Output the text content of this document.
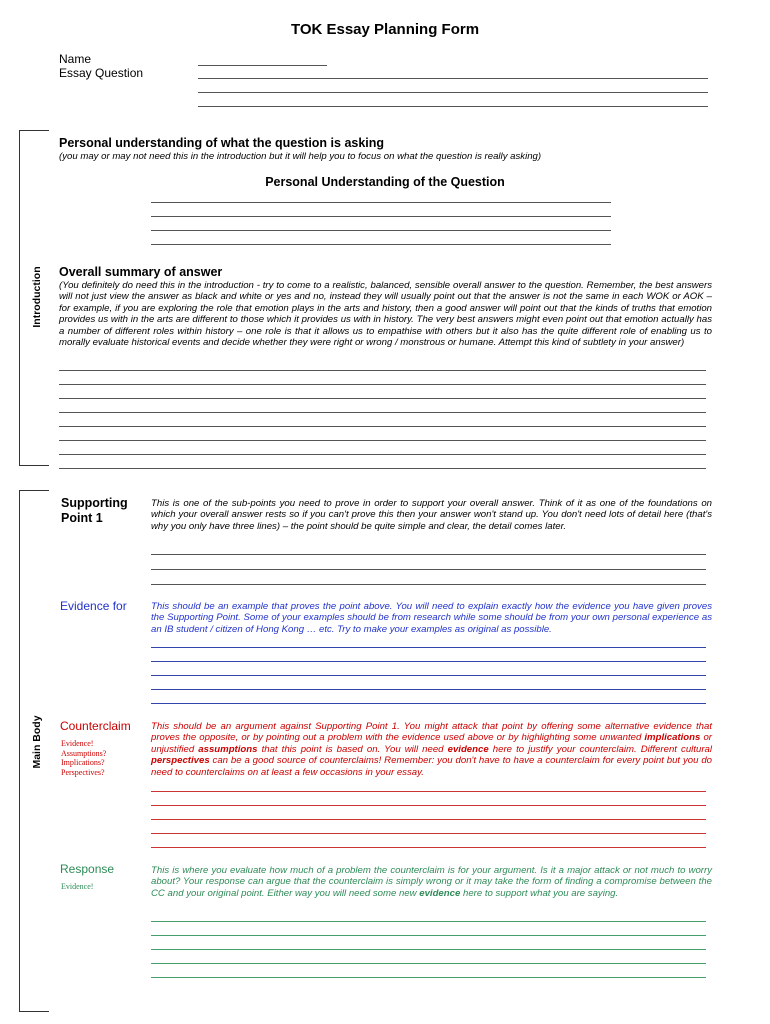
TOK Essay Planning Form
Name
Essay Question
Introduction
Personal understanding of what the question is asking
(you may or may not need this in the introduction but it will help you to focus on what the question is really asking)
Personal Understanding of the Question
Overall summary of answer
(You definitely do need this in the introduction - try to come to a realistic, balanced, sensible overall answer to the question. Remember, the best answers will not just view the answer as black and white or yes and no, instead they will usually point out that the answer is not the same in each WOK or AOK – for example, if you are exploring the role that emotion plays in the arts and history, then a good answer will point out that the kinds of truths that emotion provides us with in the arts are different to those which it provides us with in history. The very best answers might even point out that emotion actually has a number of different roles within history – one role is that it allows us to empathise with others but it also has the quite different role of enabling us to morally evaluate historical events and decide whether they were right or wrong / monstrous or humane. Attempt this kind of subtlety in your answer)
Main Body
Supporting Point 1
This is one of the sub-points you need to prove in order to support your overall answer. Think of it as one of the foundations on which your overall answer rests so if you can't prove this then your answer won't stand up. You don't need lots of detail here (that's why you only have three lines) – the point should be quite simple and clear, the detail comes later.
Evidence for	This should be an example that proves the point above. You will need to explain exactly how the evidence you have given proves the Supporting Point. Some of your examples should be from research while some should be from your own personal experience as an IB student / citizen of Hong Kong … etc. Try to make your examples as original as possible.
Counterclaim
Evidence!
Assumptions?
Implications?
Perspectives?
This should be an argument against Supporting Point 1. You might attack that point by offering some alternative evidence that proves the opposite, or by pointing out a problem with the evidence used above or by highlighting some unwanted implications or unjustified assumptions that this point is based on. You will need evidence here to justify your counterclaim. Different cultural perspectives can be a good source of counterclaims! Remember: you don't have to have a counterclaim for every point but you do need to counterclaims on at least a few occasions in your essay.
Response
Evidence!
This is where you evaluate how much of a problem the counterclaim is for your argument. Is it a major attack or not much to worry about? Your response can argue that the counterclaim is simply wrong or it may take the form of finding a compromise between the CC and your original point. Either way you will need some new evidence here to support what you are saying.
